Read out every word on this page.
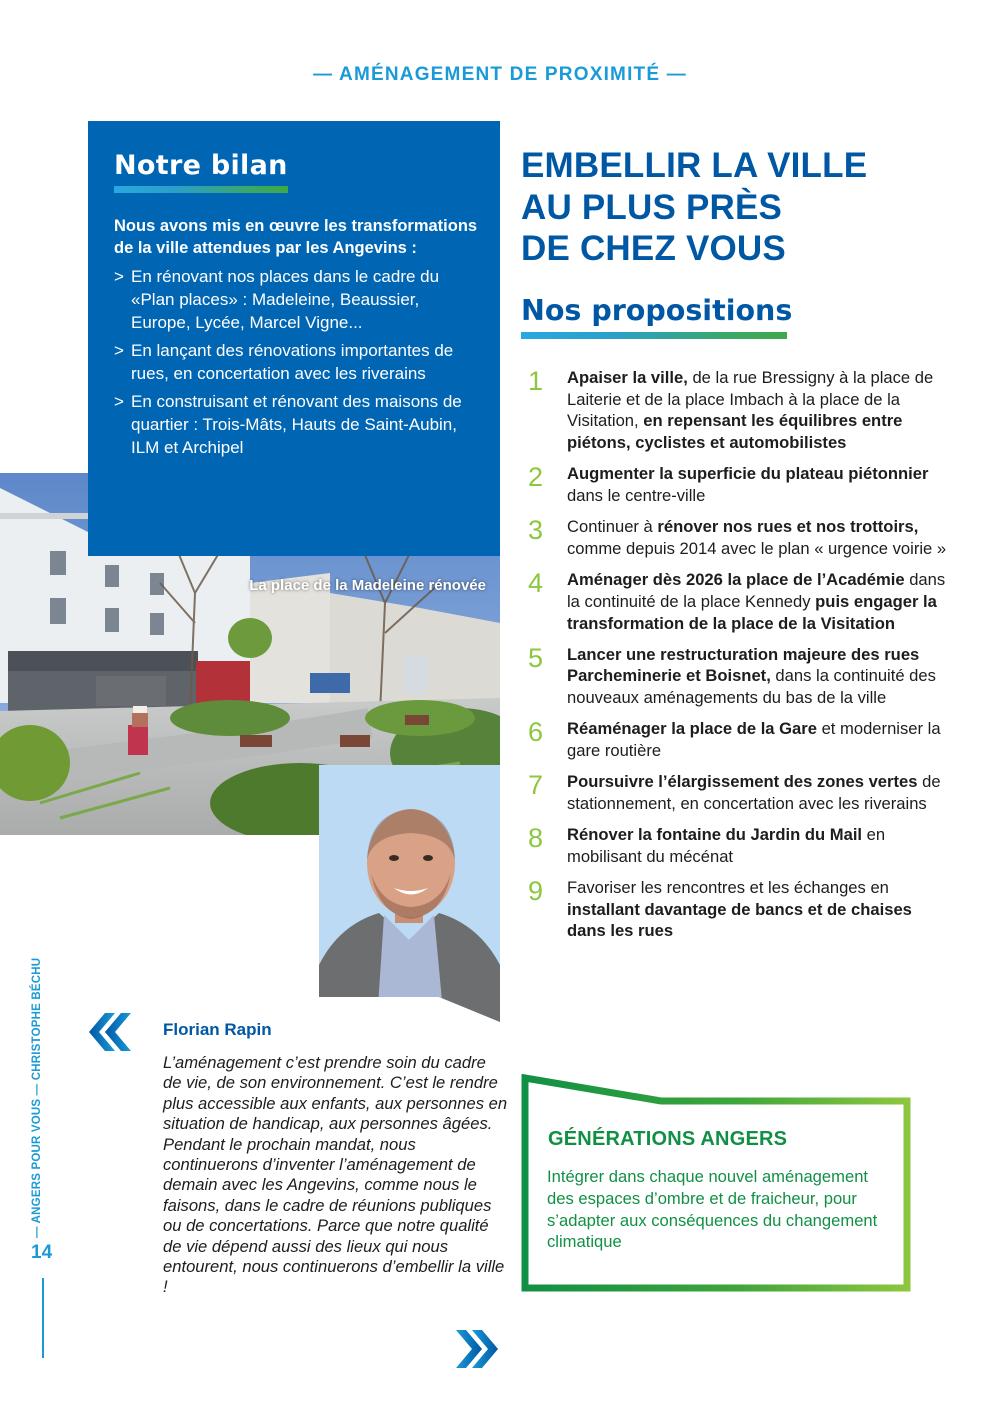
— AMÉNAGEMENT DE PROXIMITÉ —
La place de la Madeleine rénovée
Notre bilan
Nous avons mis en œuvre les transformations de la ville attendues par les Angevins :
> En rénovant nos places dans le cadre du «Plan places» : Madeleine, Beaussier, Europe, Lycée, Marcel Vigne...
> En lançant des rénovations importantes de rues, en concertation avec les riverains
> En construisant et rénovant des maisons de quartier : Trois-Mâts, Hauts de Saint-Aubin, ILM et Archipel
EMBELLIR LA VILLE
AU PLUS PRÈS
DE CHEZ VOUS
Nos propositions
1 Apaiser la ville, de la rue Bressigny à la place de Laiterie et de la place Imbach à la place de la Visitation, en repensant les équilibres entre piétons, cyclistes et automobilistes
2 Augmenter la superficie du plateau piétonnier dans le centre-ville
3 Continuer à rénover nos rues et nos trottoirs, comme depuis 2014 avec le plan « urgence voirie »
4 Aménager dès 2026 la place de l’Académie dans la continuité de la place Kennedy puis engager la transformation de la place de la Visitation
5 Lancer une restructuration majeure des rues Parcheminerie et Boisnet, dans la continuité des nouveaux aménagements du bas de la ville
6 Réaménager la place de la Gare et moderniser la gare routière
7 Poursuivre l’élargissement des zones vertes de stationnement, en concertation avec les riverains
8 Rénover la fontaine du Jardin du Mail en mobilisant du mécénat
9 Favoriser les rencontres et les échanges en installant davantage de bancs et de chaises dans les rues
GÉNÉRATIONS ANGERS
Intégrer dans chaque nouvel aménagement des espaces d’ombre et de fraicheur, pour s’adapter aux conséquences du changement climatique
Florian Rapin
L’aménagement c’est prendre soin du cadre de vie, de son environnement. C’est le rendre plus accessible aux enfants, aux personnes en situation de handicap, aux personnes âgées. Pendant le prochain mandat, nous continuerons d’inventer l’aménagement de demain avec les Angevins, comme nous le faisons, dans le cadre de réunions publiques ou de concertations. Parce que notre qualité de vie dépend aussi des lieux qui nous entourent, nous continuerons d’embellir la ville !
— ANGERS POUR VOUS — CHRISTOPHE BÉCHU
14
